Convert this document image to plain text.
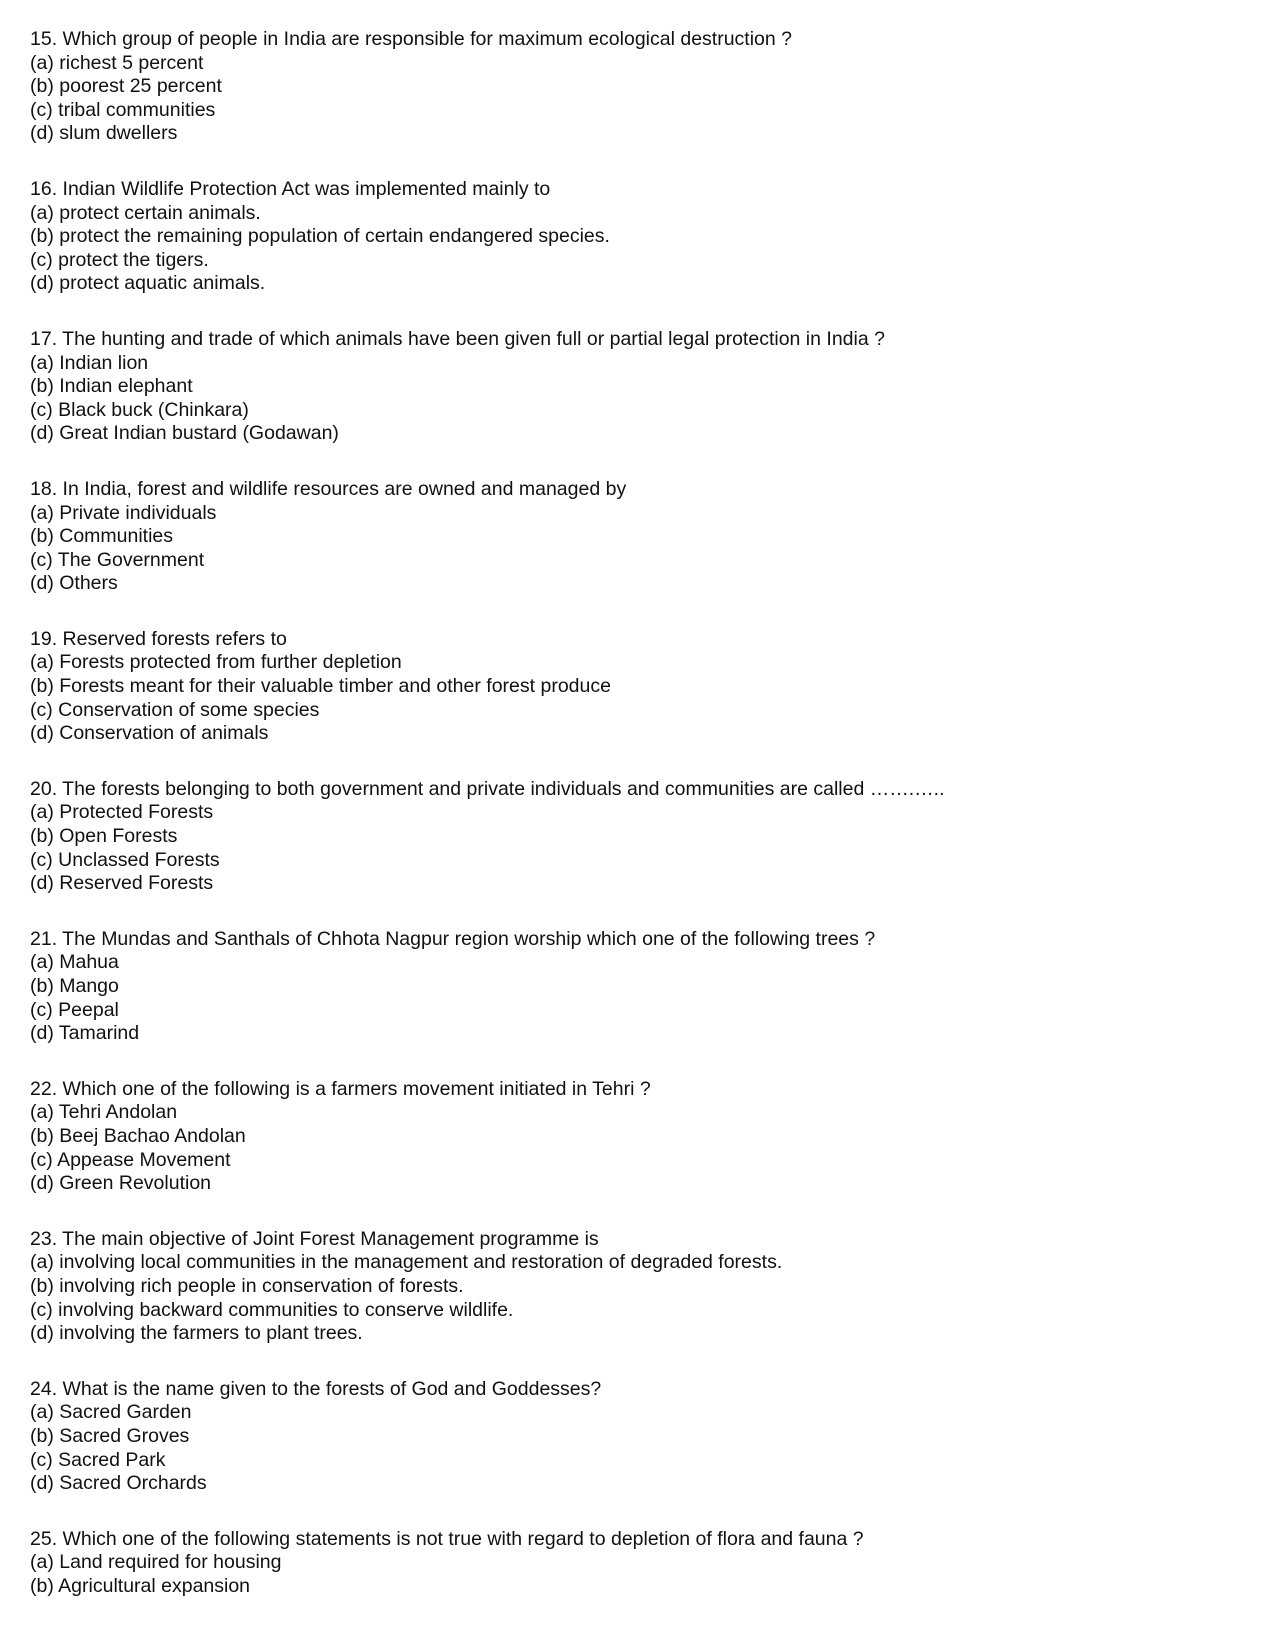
15. Which group of people in India are responsible for maximum ecological destruction ?
(a) richest 5 percent
(b) poorest 25 percent
(c) tribal communities
(d) slum dwellers
16. Indian Wildlife Protection Act was implemented mainly to
(a) protect certain animals.
(b) protect the remaining population of certain endangered species.
(c) protect the tigers.
(d) protect aquatic animals.
17. The hunting and trade of which animals have been given full or partial legal protection in India ?
(a) Indian lion
(b) Indian elephant
(c) Black buck (Chinkara)
(d) Great Indian bustard (Godawan)
18. In India, forest and wildlife resources are owned and managed by
(a) Private individuals
(b) Communities
(c) The Government
(d) Others
19. Reserved forests refers to
(a) Forests protected from further depletion
(b) Forests meant for their valuable timber and other forest produce
(c) Conservation of some species
(d) Conservation of animals
20. The forests belonging to both government and private individuals and communities are called …….…..
(a) Protected Forests
(b) Open Forests
(c) Unclassed Forests
(d) Reserved Forests
21. The Mundas and Santhals of Chhota Nagpur region worship which one of the following trees ?
(a) Mahua
(b) Mango
(c) Peepal
(d) Tamarind
22. Which one of the following is a farmers movement initiated in Tehri ?
(a) Tehri Andolan
(b) Beej Bachao Andolan
(c) Appease Movement
(d) Green Revolution
23. The main objective of Joint Forest Management programme is
(a) involving local communities in the management and restoration of degraded forests.
(b) involving rich people in conservation of forests.
(c) involving backward communities to conserve wildlife.
(d) involving the farmers to plant trees.
24. What is the name given to the forests of God and Goddesses?
(a) Sacred Garden
(b) Sacred Groves
(c) Sacred Park
(d) Sacred Orchards
25. Which one of the following statements is not true with regard to depletion of flora and fauna ?
(a) Land required for housing
(b) Agricultural expansion
